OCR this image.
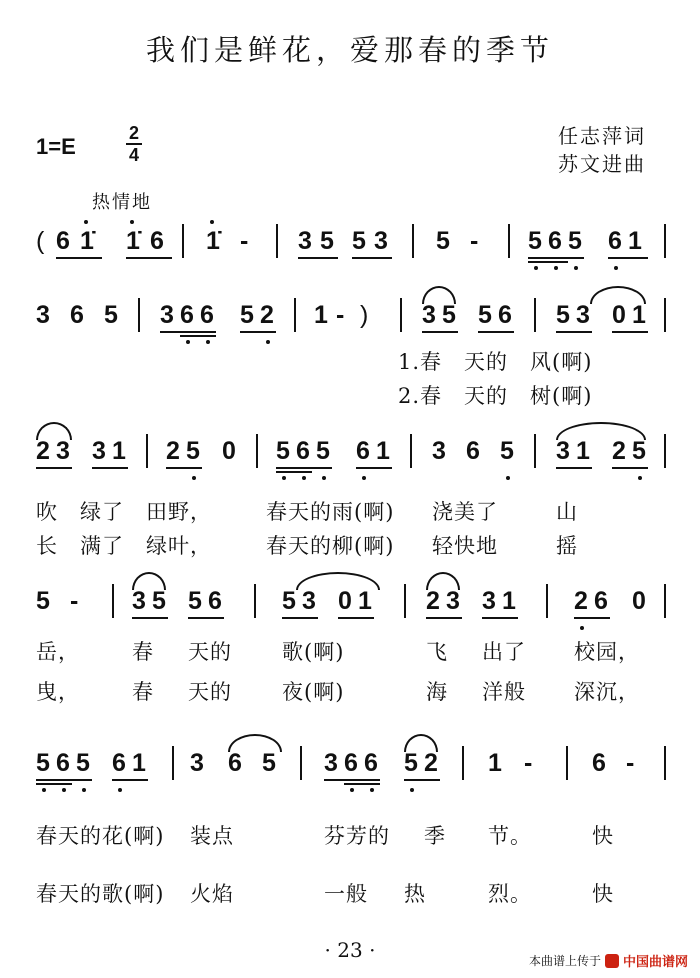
我们是鲜花，爱那春的季节
1=E
2
4
任志萍词
苏文进曲
热情地
( 6 1̇ 1̇ 6 1̇ - 3 5 5 3 5 - 5 6 5 6 1
3 6 5 3 6 6 5 2 1 - ) 3 5 5 6 5 3 0 1
1.春　天的　风(啊)
2.春　天的　树(啊)
2 3 3 1 2 5 0 5 6 5 6 1 3 6 5 3 1 2 5
吹　绿了　田野，	春天的雨(啊) 浇美了	山
长　满了　绿叶，	春天的柳(啊) 轻快地	摇
5 - 3 5 5 6 5 3 0 1 2 3 3 1 2 6 0
岳， 春 天的 歌(啊)	飞 出了 校园，
曳， 春 天的 夜(啊)	海 洋般 深沉，
5 6 5 6 1 3 6 5 3 6 6 5 2 1 - 6 -
春天的花(啊) 装点	芬芳的 季 节。	快
春天的歌(啊) 火焰	一般 热	烈。	快
· 23 ·	本曲谱上传于 中国曲谱网
